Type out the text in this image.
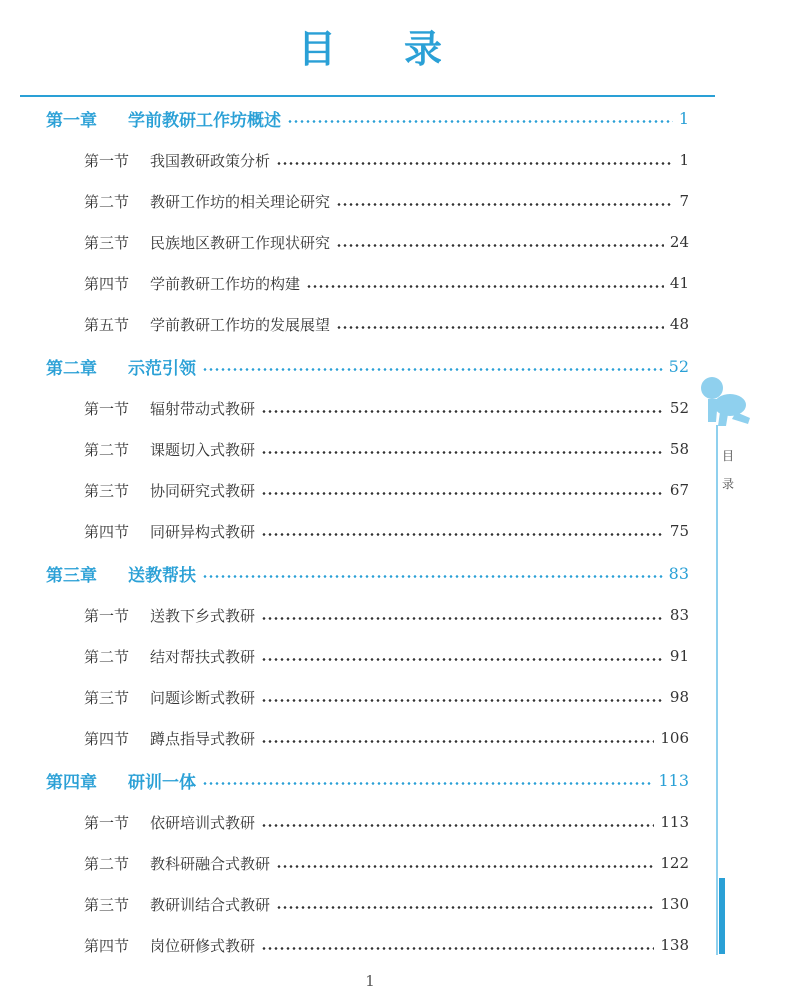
目 录
第一章	学前教研工作坊概述	1
第一节	我国教研政策分析	1
第二节	教研工作坊的相关理论研究	7
第三节	民族地区教研工作现状研究	24
第四节	学前教研工作坊的构建	41
第五节	学前教研工作坊的发展展望	48
第二章	示范引领	52
第一节	辐射带动式教研	52
第二节	课题切入式教研	58
第三节	协同研究式教研	67
第四节	同研异构式教研	75
第三章	送教帮扶	83
第一节	送教下乡式教研	83
第二节	结对帮扶式教研	91
第三节	问题诊断式教研	98
第四节	蹲点指导式教研	106
第四章	研训一体	113
第一节	依研培训式教研	113
第二节	教科研融合式教研	122
第三节	教研训结合式教研	130
第四节	岗位研修式教研	138
目
录
1
